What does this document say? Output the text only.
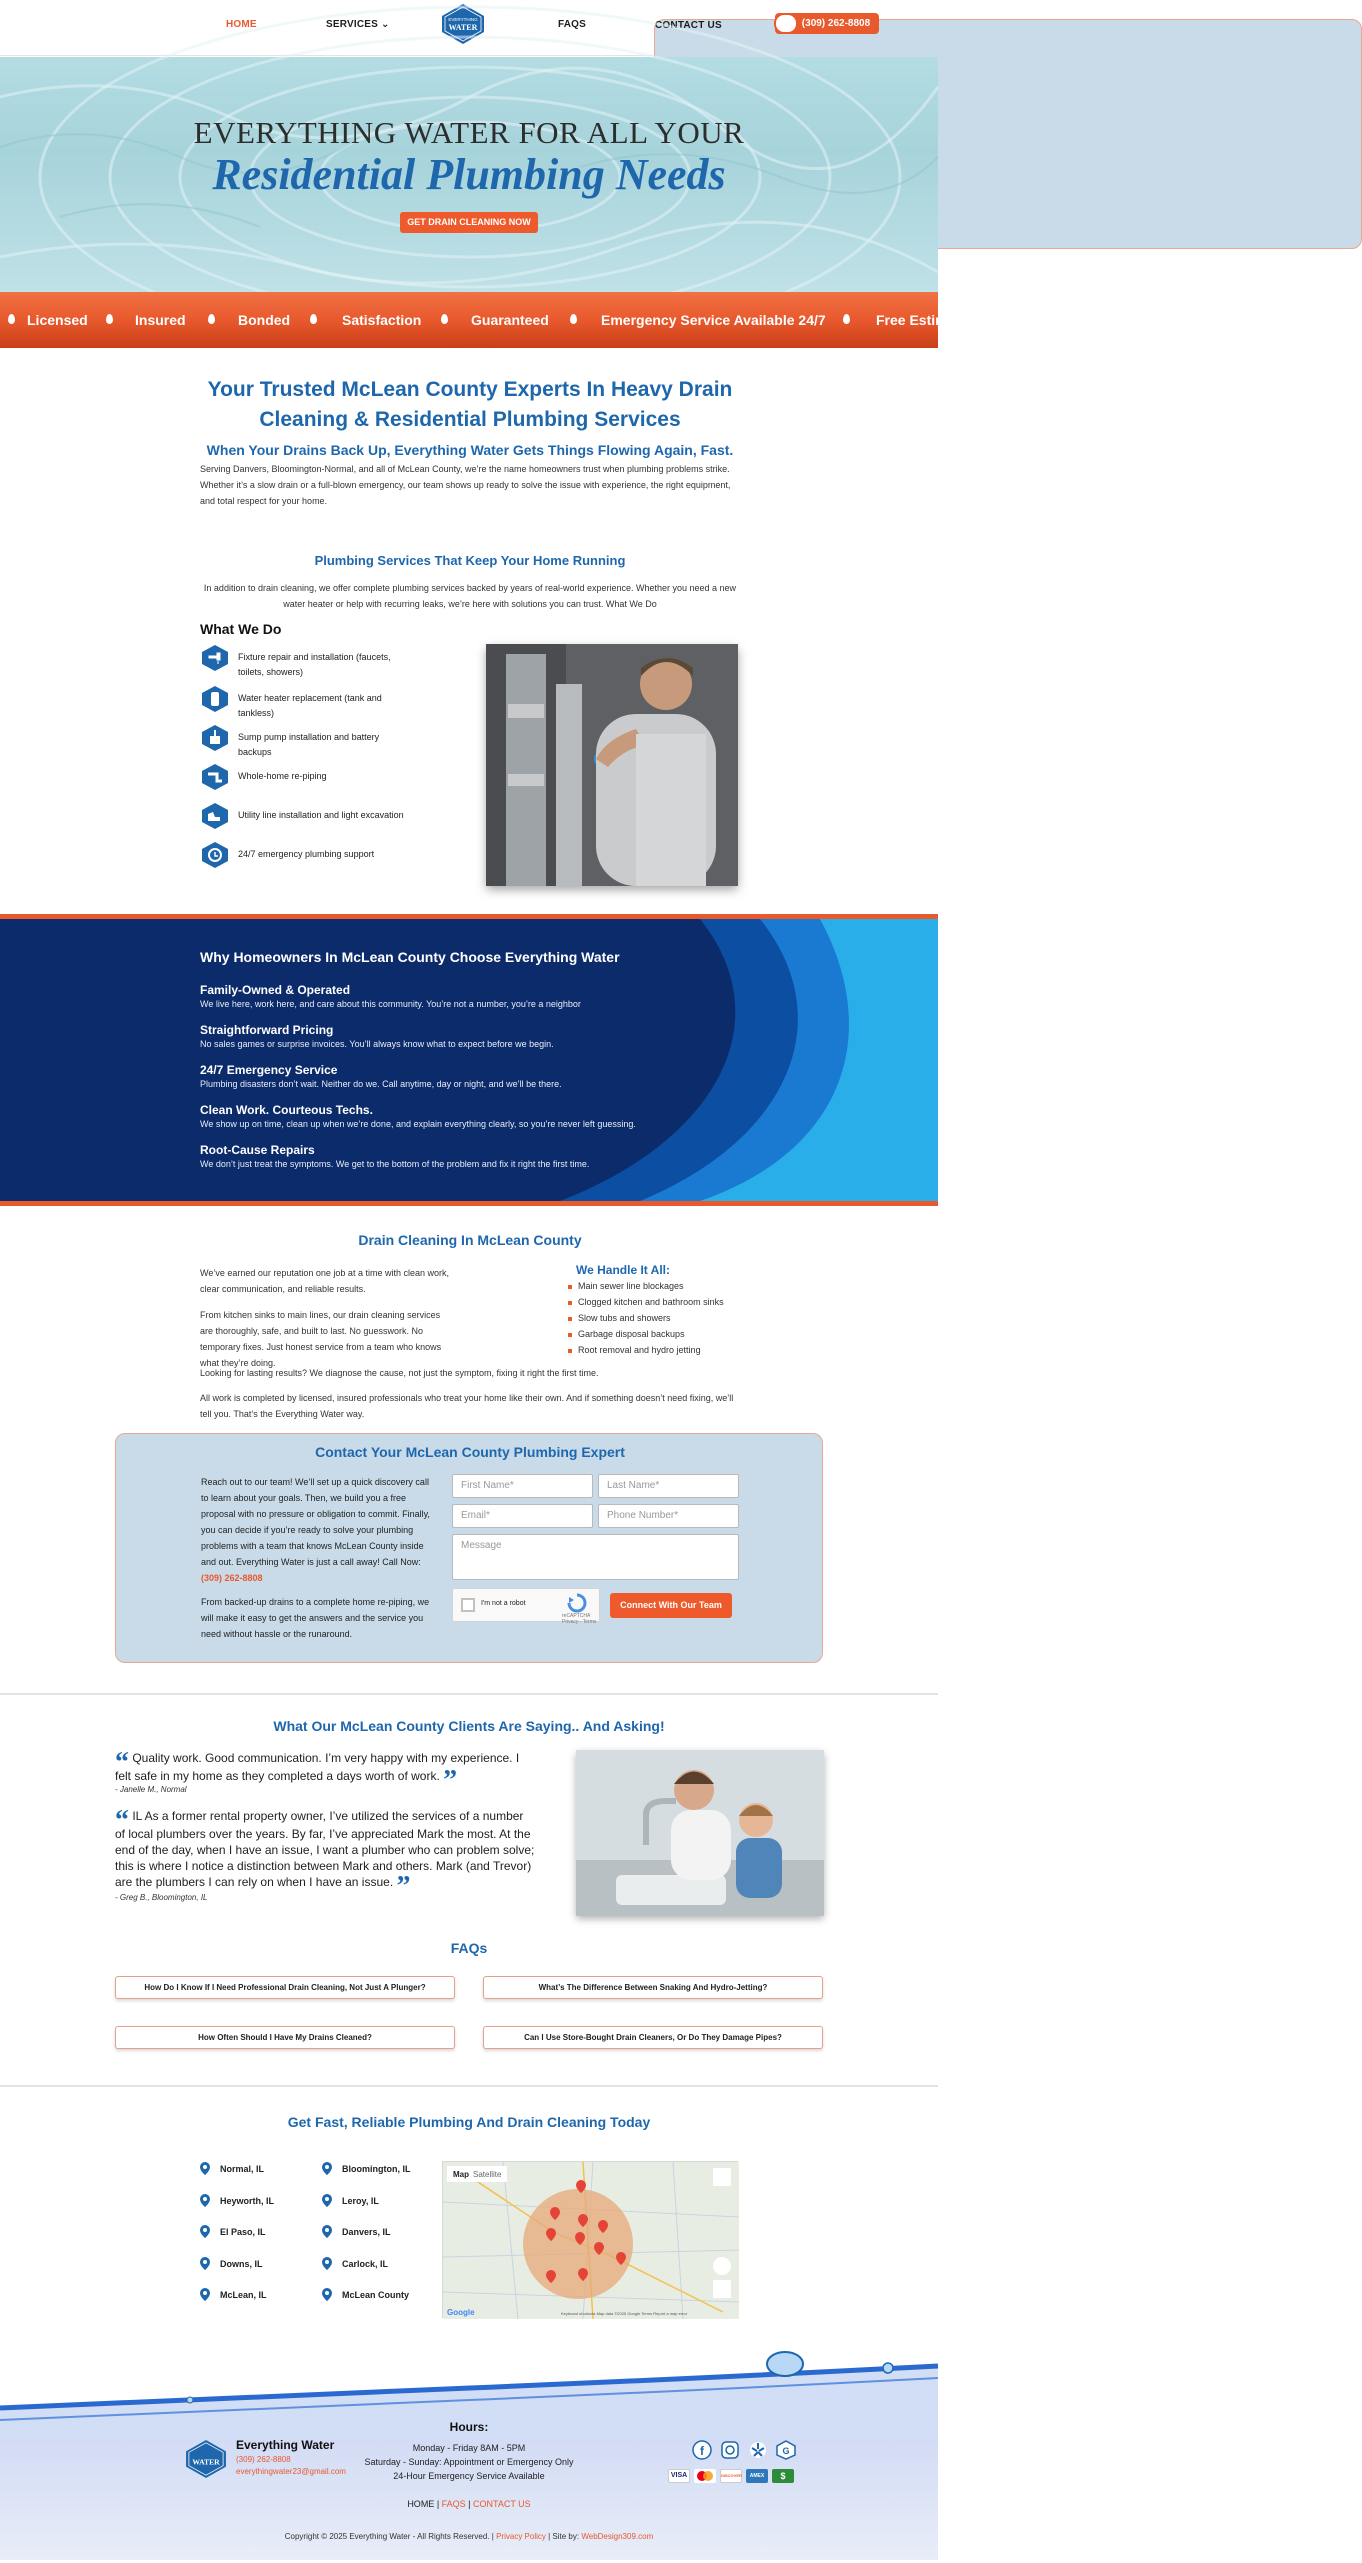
HOME	SERVICES ⌄	EVERYTHING
WATER	FAQS	CONTACT US	(309) 262-8808
EVERYTHING WATER FOR ALL YOUR
Residential Plumbing Needs
GET DRAIN CLEANING NOW
Licensed	Insured	Bonded	Satisfaction	Guaranteed	Emergency Service Available 24/7	Free Estim
Your Trusted McLean County Experts In Heavy Drain Cleaning & Residential Plumbing Services
When Your Drains Back Up, Everything Water Gets Things Flowing Again, Fast.
Serving Danvers, Bloomington-Normal, and all of McLean County, we’re the name homeowners trust when plumbing problems strike. Whether it’s a slow drain or a full-blown emergency, our team shows up ready to solve the issue with experience, the right equipment, and total respect for your home.
Plumbing Services That Keep Your Home Running
In addition to drain cleaning, we offer complete plumbing services backed by years of real-world experience. Whether you need a new water heater or help with recurring leaks, we’re here with solutions you can trust. What We Do
What We Do
Fixture repair and installation (faucets, toilets, showers)
Water heater replacement (tank and tankless)
Sump pump installation and battery backups
Whole-home re-piping
Utility line installation and light excavation
24/7 emergency plumbing support
Why Homeowners In McLean County Choose Everything Water
Family-Owned & Operated
We live here, work here, and care about this community. You’re not a number, you’re a neighbor
Straightforward Pricing
No sales games or surprise invoices. You’ll always know what to expect before we begin.
24/7 Emergency Service
Plumbing disasters don’t wait. Neither do we. Call anytime, day or night, and we’ll be there.
Clean Work. Courteous Techs.
We show up on time, clean up when we’re done, and explain everything clearly, so you’re never left guessing.
Root-Cause Repairs
We don’t just treat the symptoms. We get to the bottom of the problem and fix it right the first time.
Drain Cleaning In McLean County
We’ve earned our reputation one job at a time with clean work, clear communication, and reliable results.
From kitchen sinks to main lines, our drain cleaning services are thoroughly, safe, and built to last. No guesswork. No temporary fixes. Just honest service from a team who knows what they’re doing.
Looking for lasting results? We diagnose the cause, not just the symptom, fixing it right the first time.
All work is completed by licensed, insured professionals who treat your home like their own. And if something doesn’t need fixing, we’ll tell you. That’s the Everything Water way.
We Handle It All:
Main sewer line blockages
Clogged kitchen and bathroom sinks
Slow tubs and showers
Garbage disposal backups
Root removal and hydro jetting
Contact Your McLean County Plumbing Expert
Reach out to our team! We’ll set up a quick discovery call to learn about your goals. Then, we build you a free proposal with no pressure or obligation to commit. Finally, you can decide if you’re ready to solve your plumbing problems with a team that knows McLean County inside and out. Everything Water is just a call away! Call Now:
(309) 262-8808
From backed-up drains to a complete home re-piping, we will make it easy to get the answers and the service you need without hassle or the runaround.
First Name*	Last Name*
Email*	Phone Number*
Message
I'm not a robot
reCAPTCHA Privacy - Terms
Connect With Our Team
What Our McLean County Clients Are Saying.. And Asking!
“ Quality work. Good communication. I’m very happy with my experience. I felt safe in my home as they completed a days worth of work. ”
- Janelle M., Normal
“ IL As a former rental property owner, I’ve utilized the services of a number of local plumbers over the years. By far, I’ve appreciated Mark the most. At the end of the day, when I have an issue, I want a plumber who can problem solve; this is where I notice a distinction between Mark and others. Mark (and Trevor) are the plumbers I can rely on when I have an issue. ”
- Greg B., Bloomington, IL
FAQs
How Do I Know If I Need Professional Drain Cleaning, Not Just A Plunger?	What’s The Difference Between Snaking And Hydro-Jetting?
How Often Should I Have My Drains Cleaned?	Can I Use Store-Bought Drain Cleaners, Or Do They Damage Pipes?
Get Fast, Reliable Plumbing And Drain Cleaning Today
Normal, IL
Heyworth, IL
El Paso, IL
Downs, IL
McLean, IL
Bloomington, IL
Leroy, IL
Danvers, IL
Carlock, IL
McLean County
Map Satellite
Google	Keyboard shortcuts Map data ©2025 Google Terms Report a map error
WATER
Everything Water
(309) 262-8808
everythingwater23@gmail.com
Hours:
Monday - Friday 8AM - 5PM
Saturday - Sunday: Appointment or Emergency Only
24-Hour Emergency Service Available
f	G
VISA	DISCOVER	AMEX	$
HOME | FAQS | CONTACT US
Copyright © 2025 Everything Water - All Rights Reserved. | Privacy Policy | Site by: WebDesign309.com
